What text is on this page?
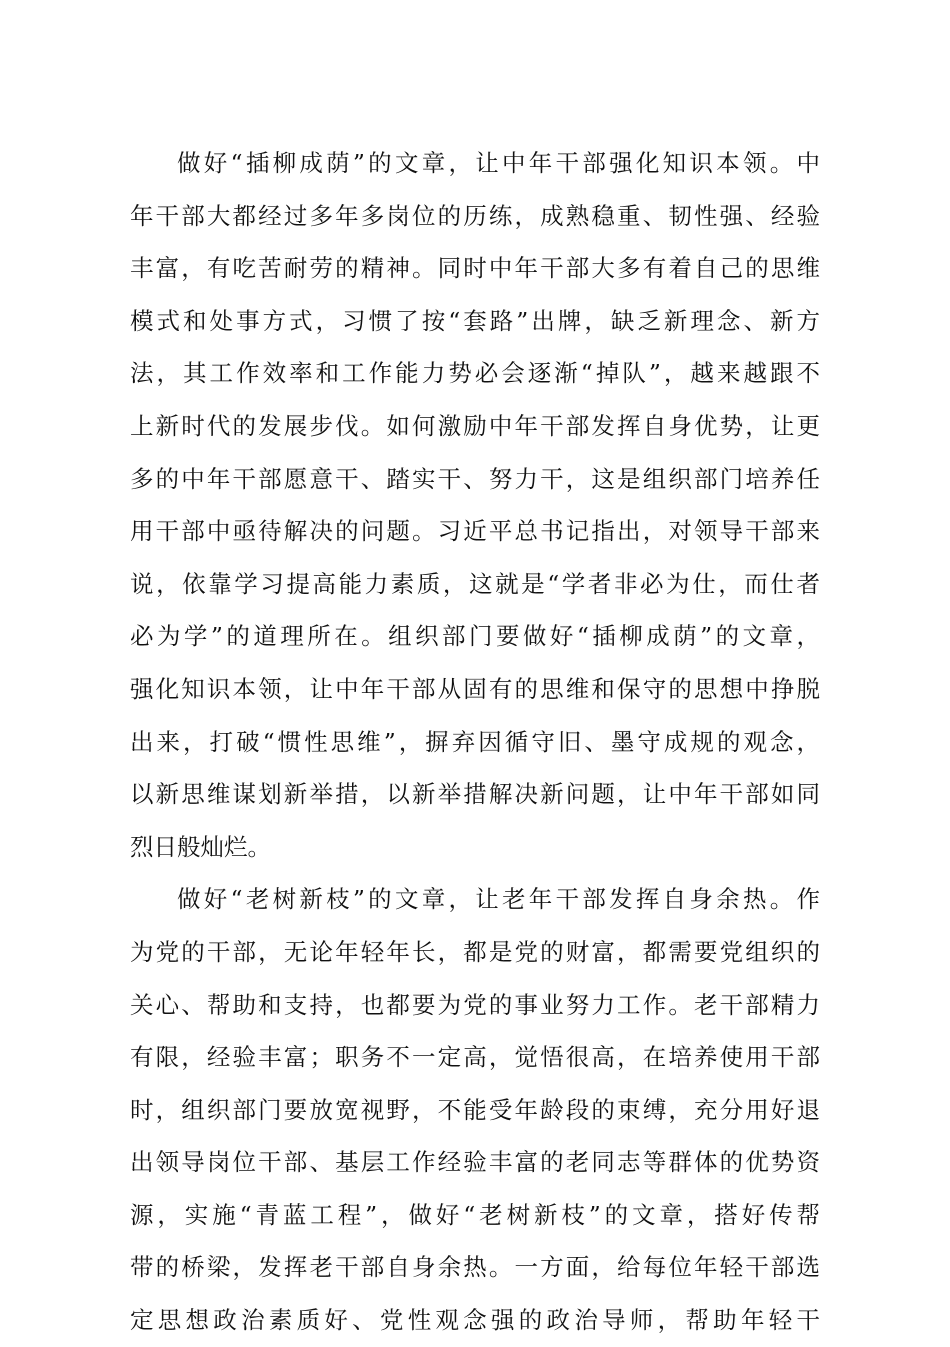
做好“插柳成荫”的文章，让中年干部强化知识本领。中
年干部大都经过多年多岗位的历练，成熟稳重、韧性强、经验
丰富，有吃苦耐劳的精神。同时中年干部大多有着自己的思维
模式和处事方式，习惯了按“套路”出牌，缺乏新理念、新方
法，其工作效率和工作能力势必会逐渐“掉队”，越来越跟不
上新时代的发展步伐。如何激励中年干部发挥自身优势，让更
多的中年干部愿意干、踏实干、努力干，这是组织部门培养任
用干部中亟待解决的问题。习近平总书记指出，对领导干部来
说，依靠学习提高能力素质，这就是“学者非必为仕，而仕者
必为学”的道理所在。组织部门要做好“插柳成荫”的文章，
强化知识本领，让中年干部从固有的思维和保守的思想中挣脱
出来，打破“惯性思维”，摒弃因循守旧、墨守成规的观念，
以新思维谋划新举措，以新举措解决新问题，让中年干部如同
烈日般灿烂。
做好“老树新枝”的文章，让老年干部发挥自身余热。作
为党的干部，无论年轻年长，都是党的财富，都需要党组织的
关心、帮助和支持，也都要为党的事业努力工作。老干部精力
有限，经验丰富；职务不一定高，觉悟很高，在培养使用干部
时，组织部门要放宽视野，不能受年龄段的束缚，充分用好退
出领导岗位干部、基层工作经验丰富的老同志等群体的优势资
源，实施“青蓝工程”，做好“老树新枝”的文章，搭好传帮
带的桥梁，发挥老干部自身余热。一方面，给每位年轻干部选
定思想政治素质好、党性观念强的政治导师，帮助年轻干
